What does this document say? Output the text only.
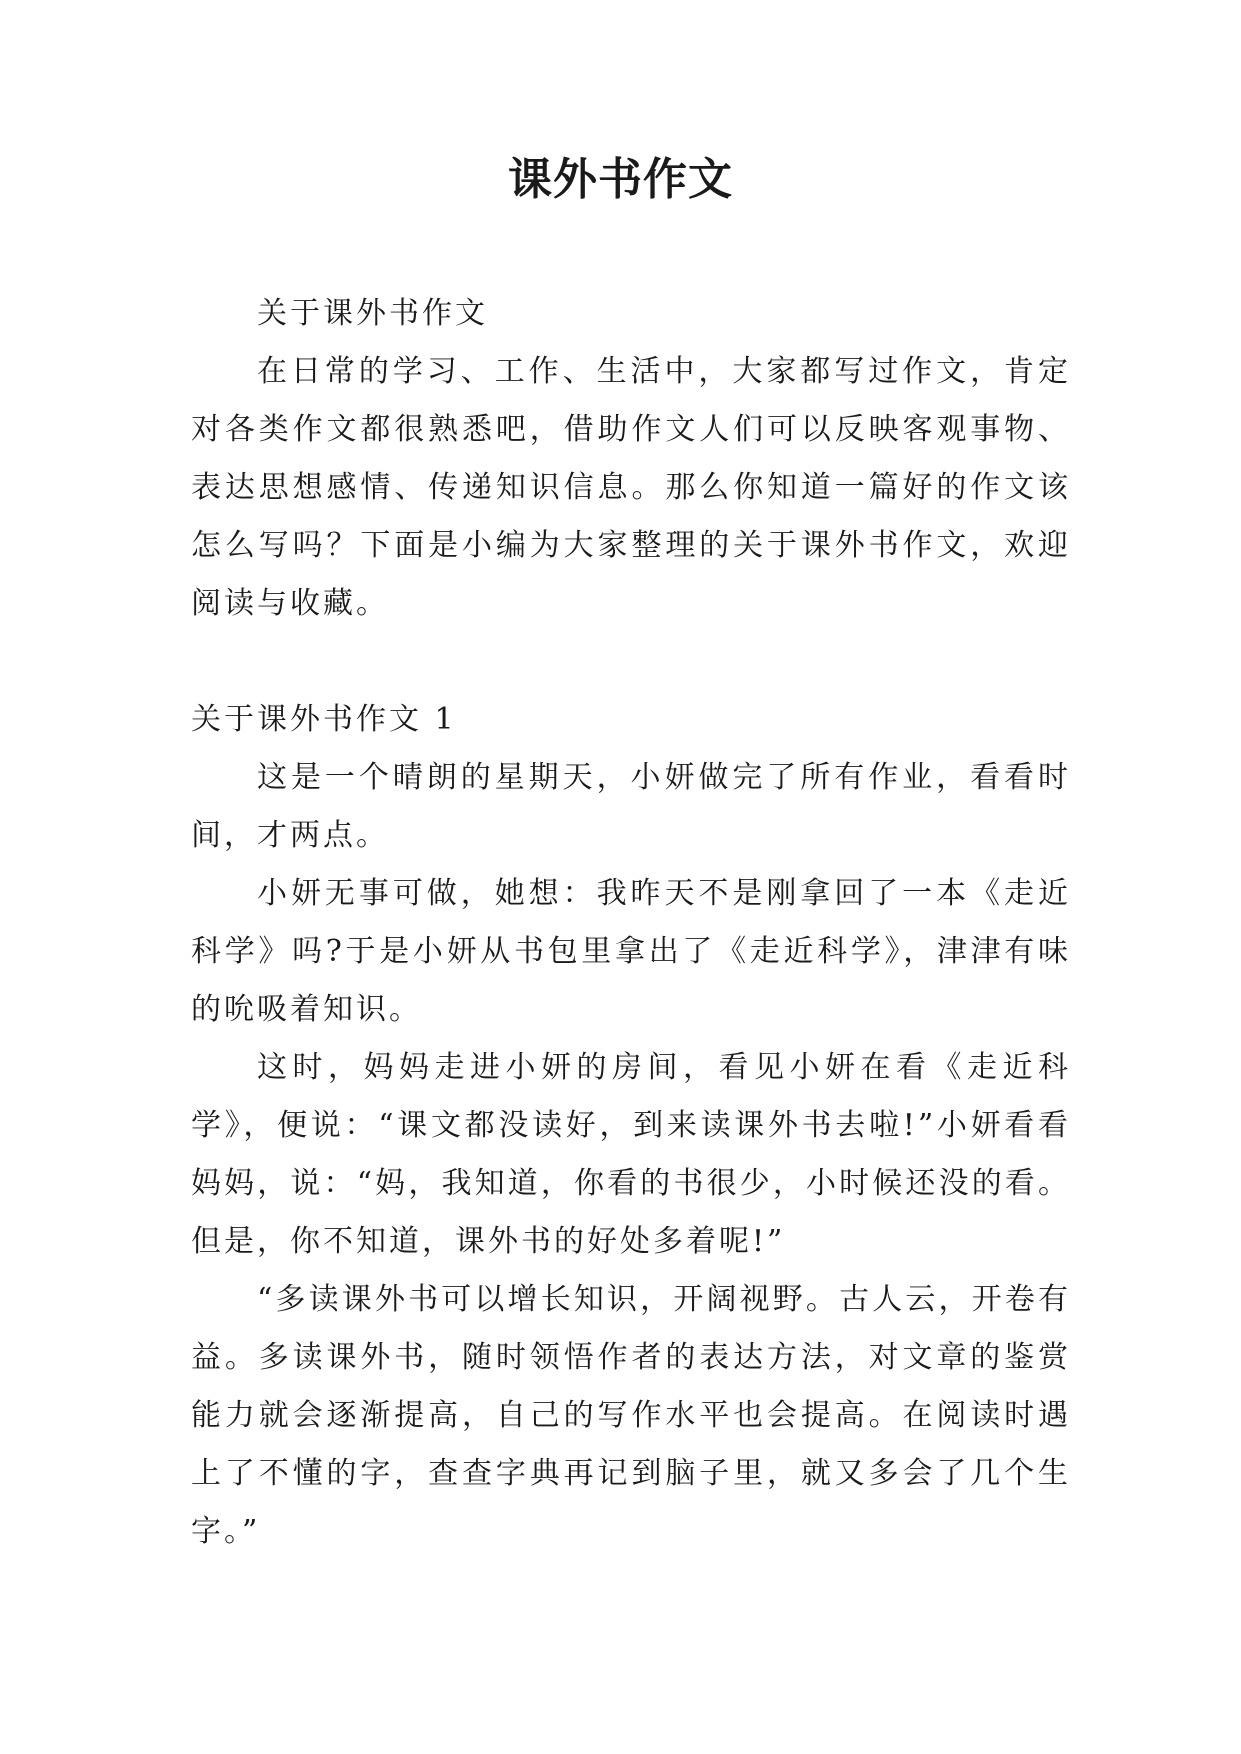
课外书作文

关于课外书作文

在日常的学习、工作、生活中，大家都写过作文，肯定对各类作文都很熟悉吧，借助作文人们可以反映客观事物、表达思想感情、传递知识信息。那么你知道一篇好的作文该怎么写吗？下面是小编为大家整理的关于课外书作文，欢迎阅读与收藏。

关于课外书作文 1

这是一个晴朗的星期天，小妍做完了所有作业，看看时间，才两点。

小妍无事可做，她想：我昨天不是刚拿回了一本《走近科学》吗?于是小妍从书包里拿出了《走近科学》，津津有味的吮吸着知识。

这时，妈妈走进小妍的房间，看见小妍在看《走近科学》，便说：“课文都没读好，到来读课外书去啦!”小妍看看妈妈，说：“妈，我知道，你看的书很少，小时候还没的看。但是，你不知道，课外书的好处多着呢!”

“多读课外书可以增长知识，开阔视野。古人云，开卷有益。多读课外书，随时领悟作者的表达方法，对文章的鉴赏能力就会逐渐提高，自己的写作水平也会提高。在阅读时遇上了不懂的字，查查字典再记到脑子里，就又多会了几个生字。”
